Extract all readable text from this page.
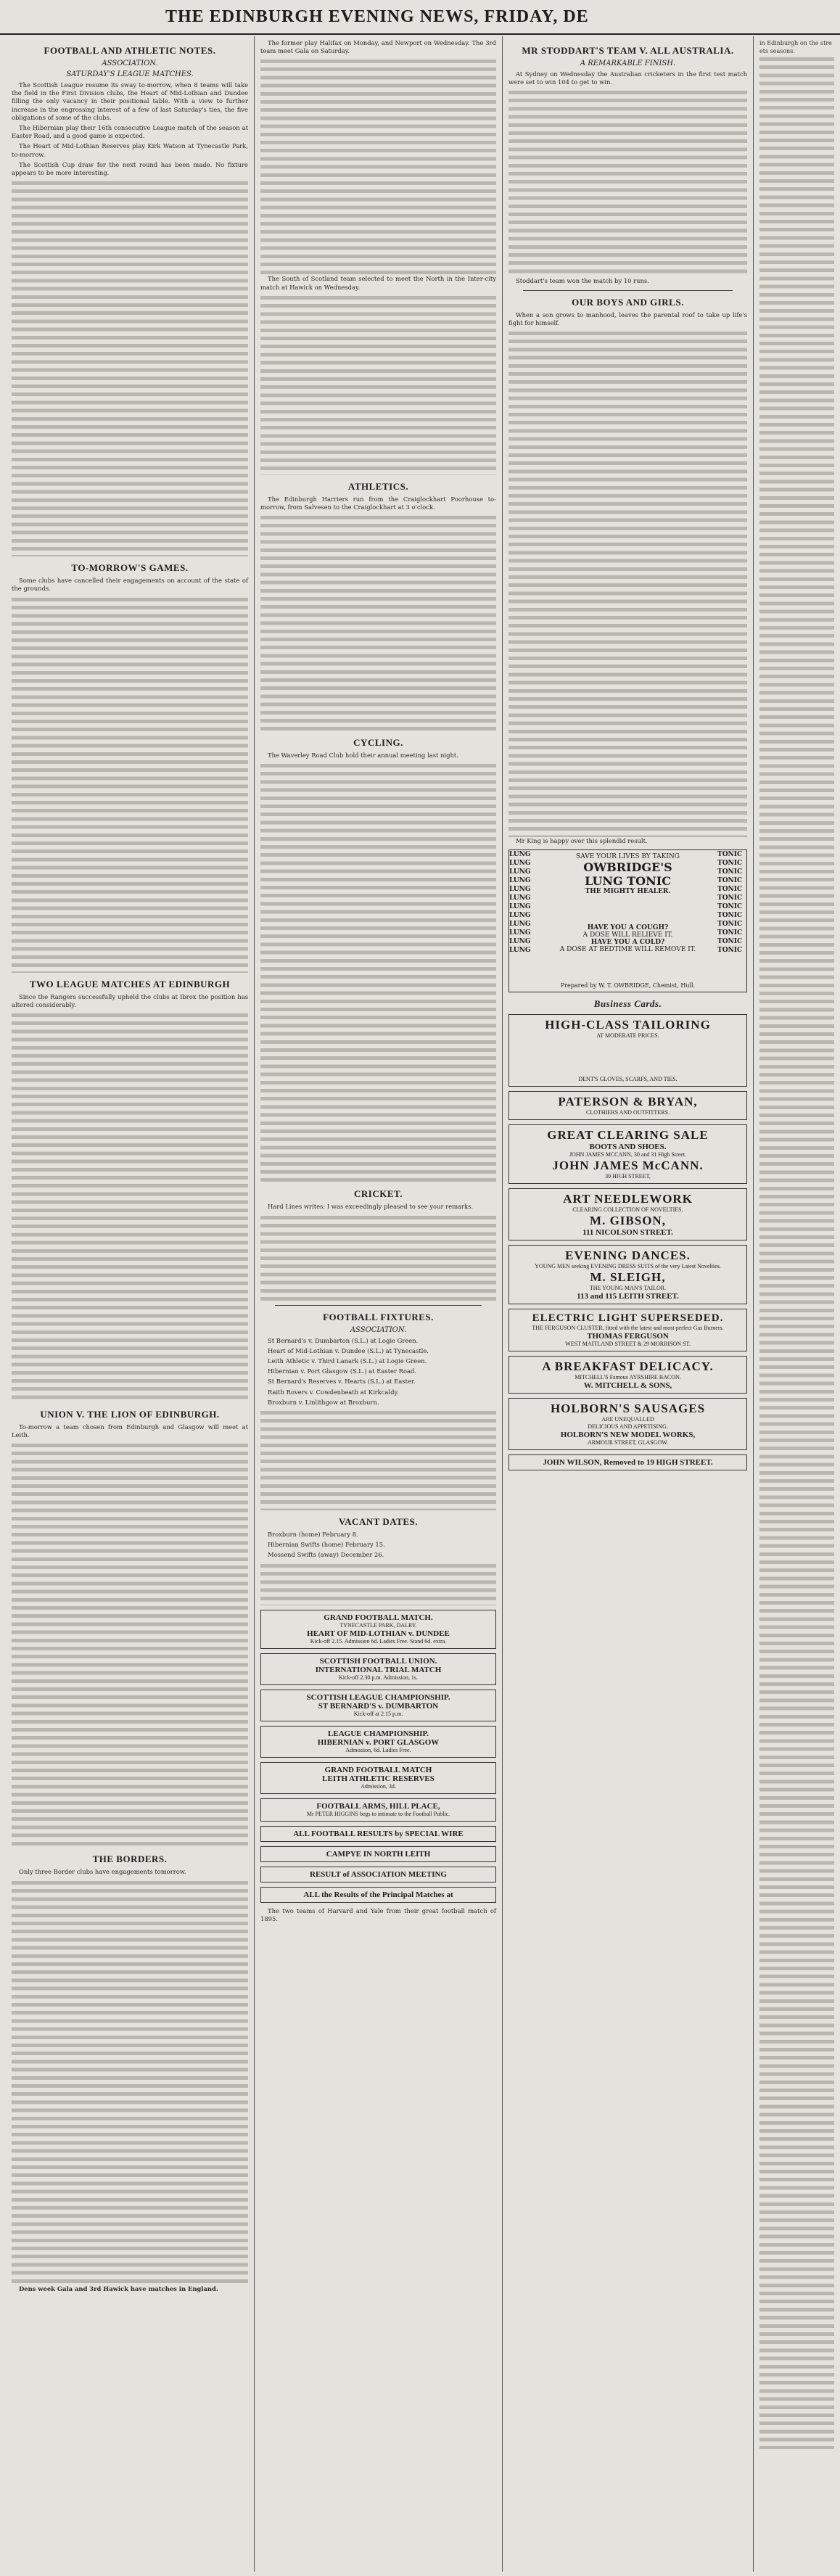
THE EDINBURGH EVENING NEWS, FRIDAY, DE
FOOTBALL AND ATHLETIC NOTES.
ASSOCIATION.
SATURDAY'S LEAGUE MATCHES.

The Scottish League resume its sway to-morrow, when 8 teams will take the field in the First Division clubs, the Heart of Mid-Lothian and Dundee filling the only vacancy in their positional table. With a view to further increase in the engrossing interest of a few of last Saturday's ties, the five obligations of some of the clubs.

The Hibernian play their 16th consecutive League match of the season at Easter Road, and a good game is expected.

The Heart of Mid-Lothian Reserves play Kirk Watson at Tynecastle Park, to-morrow.

The Scottish Cup draw for the next round has been made. No fixture appears to be more interesting.

TO-MORROW'S GAMES.

Some clubs have cancelled their engagements on account of the state of the grounds.

TWO LEAGUE MATCHES AT EDINBURGH

Since the Rangers successfully upheld the clubs at Ibrox the position has altered considerably.

UNION V. THE LION OF EDINBURGH.

To-morrow a team chosen from Edinburgh and Glasgow will meet at Leith.

THE BORDERS.

Only three Border clubs have engagements tomorrow.

Dens week Gala and 3rd Hawick have matches in England.

The former play Halifax on Monday, and Newport on Wednesday. The 3rd team meet Gala on Saturday.

The South of Scotland team selected to meet the North in the Inter-city match at Hawick on Wednesday.

ATHLETICS.

The Edinburgh Harriers run from the Craiglockhart Poorhouse to-morrow, from Salvesen to the Craiglockhart at 3 o'clock.

CYCLING.

The Waverley Road Club hold their annual meeting last night.

CRICKET.

Hard Lines writes: I was exceedingly pleased to see your remarks.

FOOTBALL FIXTURES.
ASSOCIATION.

St Bernard's v. Dumbarton (S.L.) at Logie Green.

Heart of Mid-Lothian v. Dundee (S.L.) at Tynecastle.

Leith Athletic v. Third Lanark (S.L.) at Logie Green.

Hibernian v. Port Glasgow (S.L.) at Easter Road.

St Bernard's Reserves v. Hearts (S.L.) at Easter.

Raith Rovers v. Cowdenbeath at Kirkcaldy.

Broxburn v. Linlithgow at Broxburn.

VACANT DATES.

Broxburn (home) February 8.

Hibernian Swifts (home) February 15.

Mossend Swifts (away) December 26.

GRAND FOOTBALL MATCH.
TYNECASTLE PARK, DALRY.
HEART OF MID-LOTHIAN v. DUNDEE
Kick-off 2.15. Admission 6d. Ladies Free. Stand 6d. extra.
SCOTTISH FOOTBALL UNION.
INTERNATIONAL TRIAL MATCH
Kick-off 2.30 p.m. Admission, 1s.
SCOTTISH LEAGUE CHAMPIONSHIP.
ST BERNARD'S v. DUMBARTON
Kick-off at 2.15 p.m.
LEAGUE CHAMPIONSHIP.
HIBERNIAN v. PORT GLASGOW
Admission, 6d. Ladies Free.
GRAND FOOTBALL MATCH
LEITH ATHLETIC RESERVES
Admission, 3d.
FOOTBALL ARMS, HILL PLACE,
Mr PETER HIGGINS begs to intimate to the Football Public.
ALL FOOTBALL RESULTS by SPECIAL WIRE
CAMPYE IN NORTH LEITH
RESULT of ASSOCIATION MEETING
ALL the Results of the Principal Matches at

The two teams of Harvard and Yale from their great football match of 1895.

MR STODDART'S TEAM V. ALL AUSTRALIA.
A REMARKABLE FINISH.

At Sydney on Wednesday the Australian cricketers in the first test match were set to win 104 to get to win.

Stoddart's team won the match by 10 runs.

OUR BOYS AND GIRLS.

When a son grows to manhood, leaves the parental roof to take up life's fight for himself.

Mr King is happy over this splendid result.

LUNG
LUNG
LUNG
LUNG
LUNG
LUNG
LUNG
LUNG
LUNG
LUNG
LUNG
LUNG
SAVE YOUR LIVES BY TAKING
OWBRIDGE'S
LUNG TONIC
THE MIGHTY HEALER.
HAVE YOU A COUGH?
A DOSE WILL RELIEVE IT.
HAVE YOU A COLD?
A DOSE AT BEDTIME WILL REMOVE IT.
Prepared by W. T. OWBRIDGE, Chemist, Hull.
TONIC
TONIC
TONIC
TONIC
TONIC
TONIC
TONIC
TONIC
TONIC
TONIC
TONIC
TONIC
Business Cards.
HIGH-CLASS TAILORING
AT MODERATE PRICES.
DENT'S GLOVES, SCARFS, AND TIES.
PATERSON & BRYAN,
CLOTHIERS AND OUTFITTERS.
GREAT CLEARING SALE
BOOTS AND SHOES.
JOHN JAMES MCCANN, 30 and 31 High Street.
JOHN JAMES McCANN.
30 HIGH STREET,
ART NEEDLEWORK
CLEARING COLLECTION OF NOVELTIES.
M. GIBSON,
111 NICOLSON STREET.
EVENING DANCES.
YOUNG MEN seeking EVENING DRESS SUITS of the very Latest Novelties.
M. SLEIGH,
THE YOUNG MAN'S TAILOR.
113 and 115 LEITH STREET.
ELECTRIC LIGHT SUPERSEDED.
THE FERGUSON CLUSTER, fitted with the latest and most perfect Gas Burners.
THOMAS FERGUSON
WEST MAITLAND STREET & 29 MORRISON ST.
A BREAKFAST DELICACY.
MITCHELL'S Famous AYRSHIRE BACON.
W. MITCHELL & SONS,
HOLBORN'S SAUSAGES
ARE UNEQUALLED
DELICIOUS AND APPETISING.
HOLBORN'S NEW MODEL WORKS,
ARMOUR STREET, GLASGOW.
JOHN WILSON, Removed to 19 HIGH STREET.
in Edinburgh on the streets seasons.
